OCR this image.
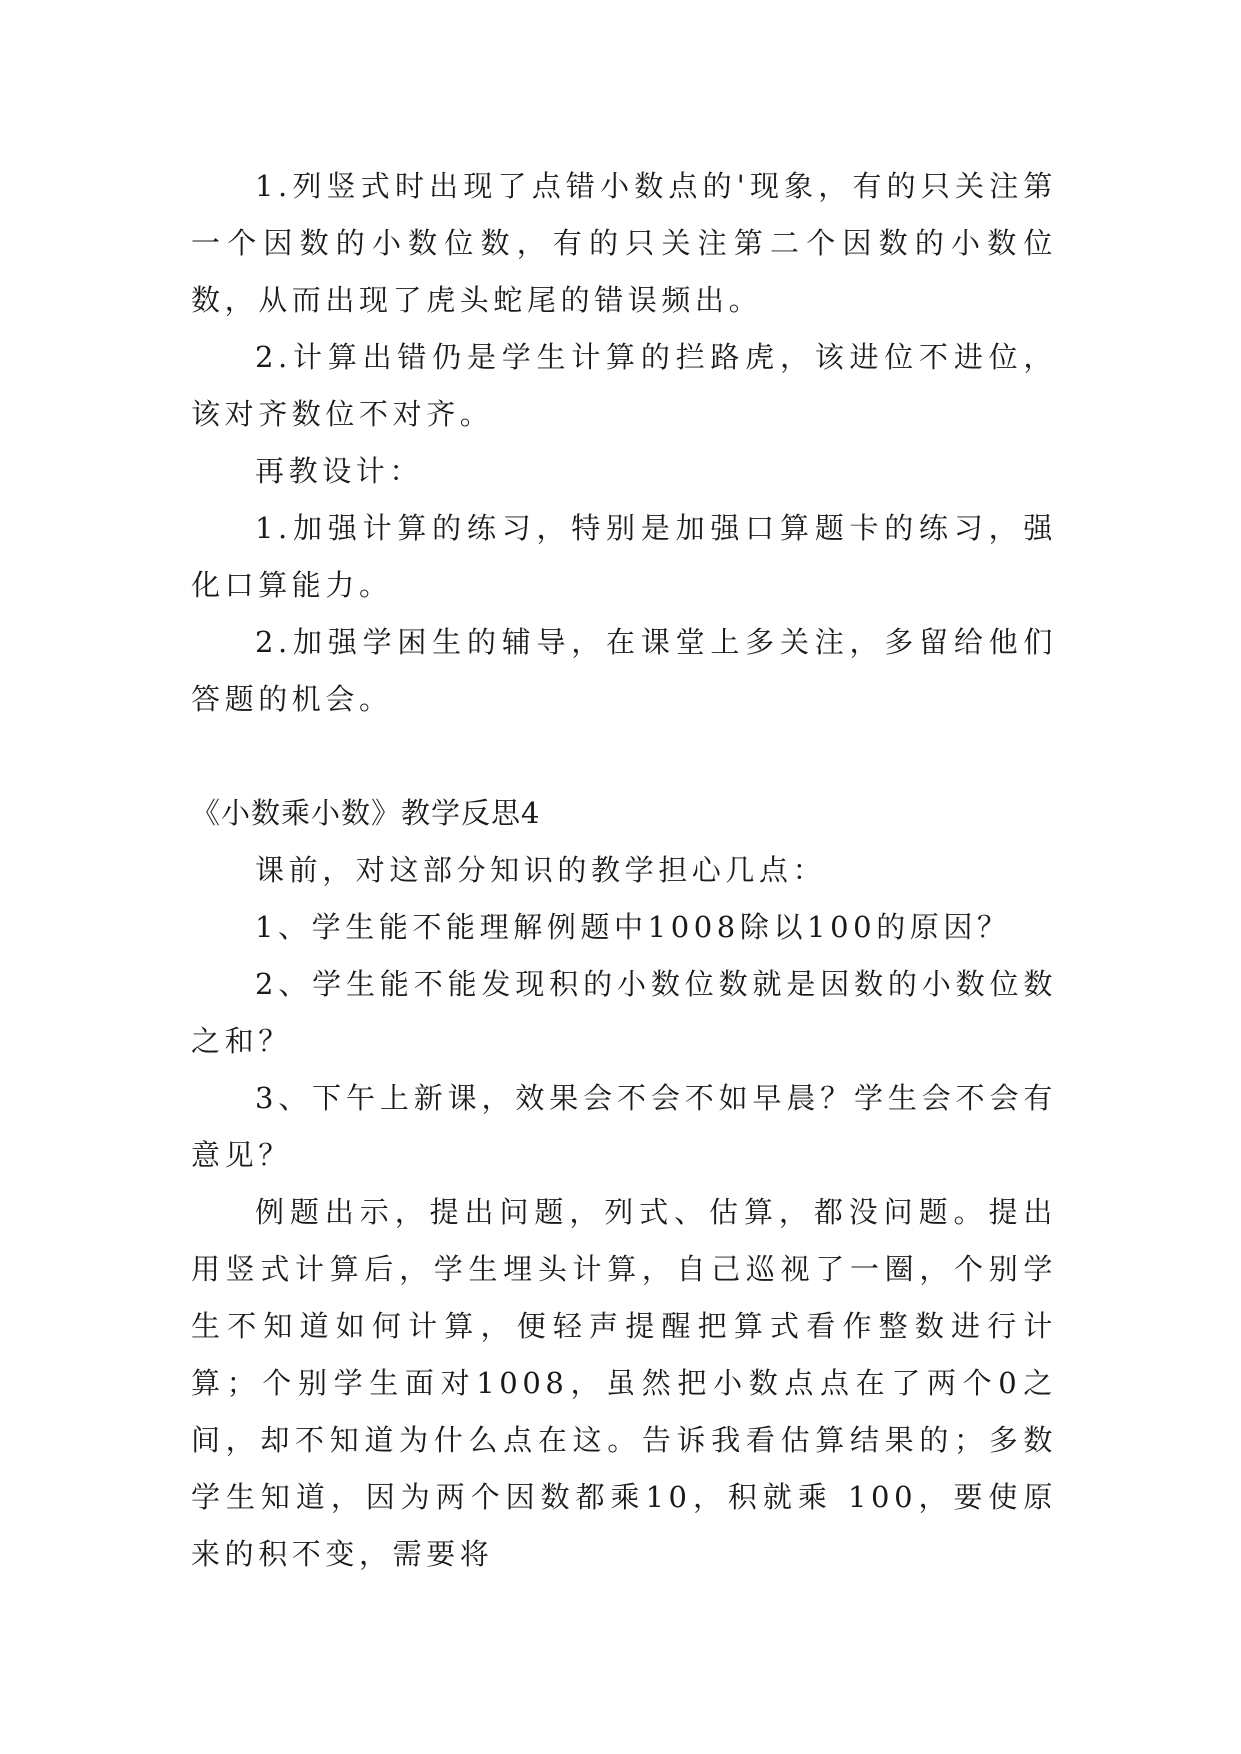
1.列竖式时出现了点错小数点的'现象，有的只关注第一个因数的小数位数，有的只关注第二个因数的小数位数，从而出现了虎头蛇尾的错误频出。

2.计算出错仍是学生计算的拦路虎，该进位不进位，该对齐数位不对齐。

再教设计：

1.加强计算的练习，特别是加强口算题卡的练习，强化口算能力。

2.加强学困生的辅导，在课堂上多关注，多留给他们答题的机会。

《小数乘小数》教学反思4

课前，对这部分知识的教学担心几点：

1、学生能不能理解例题中1008除以100的原因？

2、学生能不能发现积的小数位数就是因数的小数位数之和？

3、下午上新课，效果会不会不如早晨？学生会不会有意见？

例题出示，提出问题，列式、估算，都没问题。提出用竖式计算后，学生埋头计算，自己巡视了一圈，个别学生不知道如何计算，便轻声提醒把算式看作整数进行计算；个别学生面对1008，虽然把小数点点在了两个0之间，却不知道为什么点在这。告诉我看估算结果的；多数学生知道，因为两个因数都乘10，积就乘 100，要使原来的积不变，需要将
